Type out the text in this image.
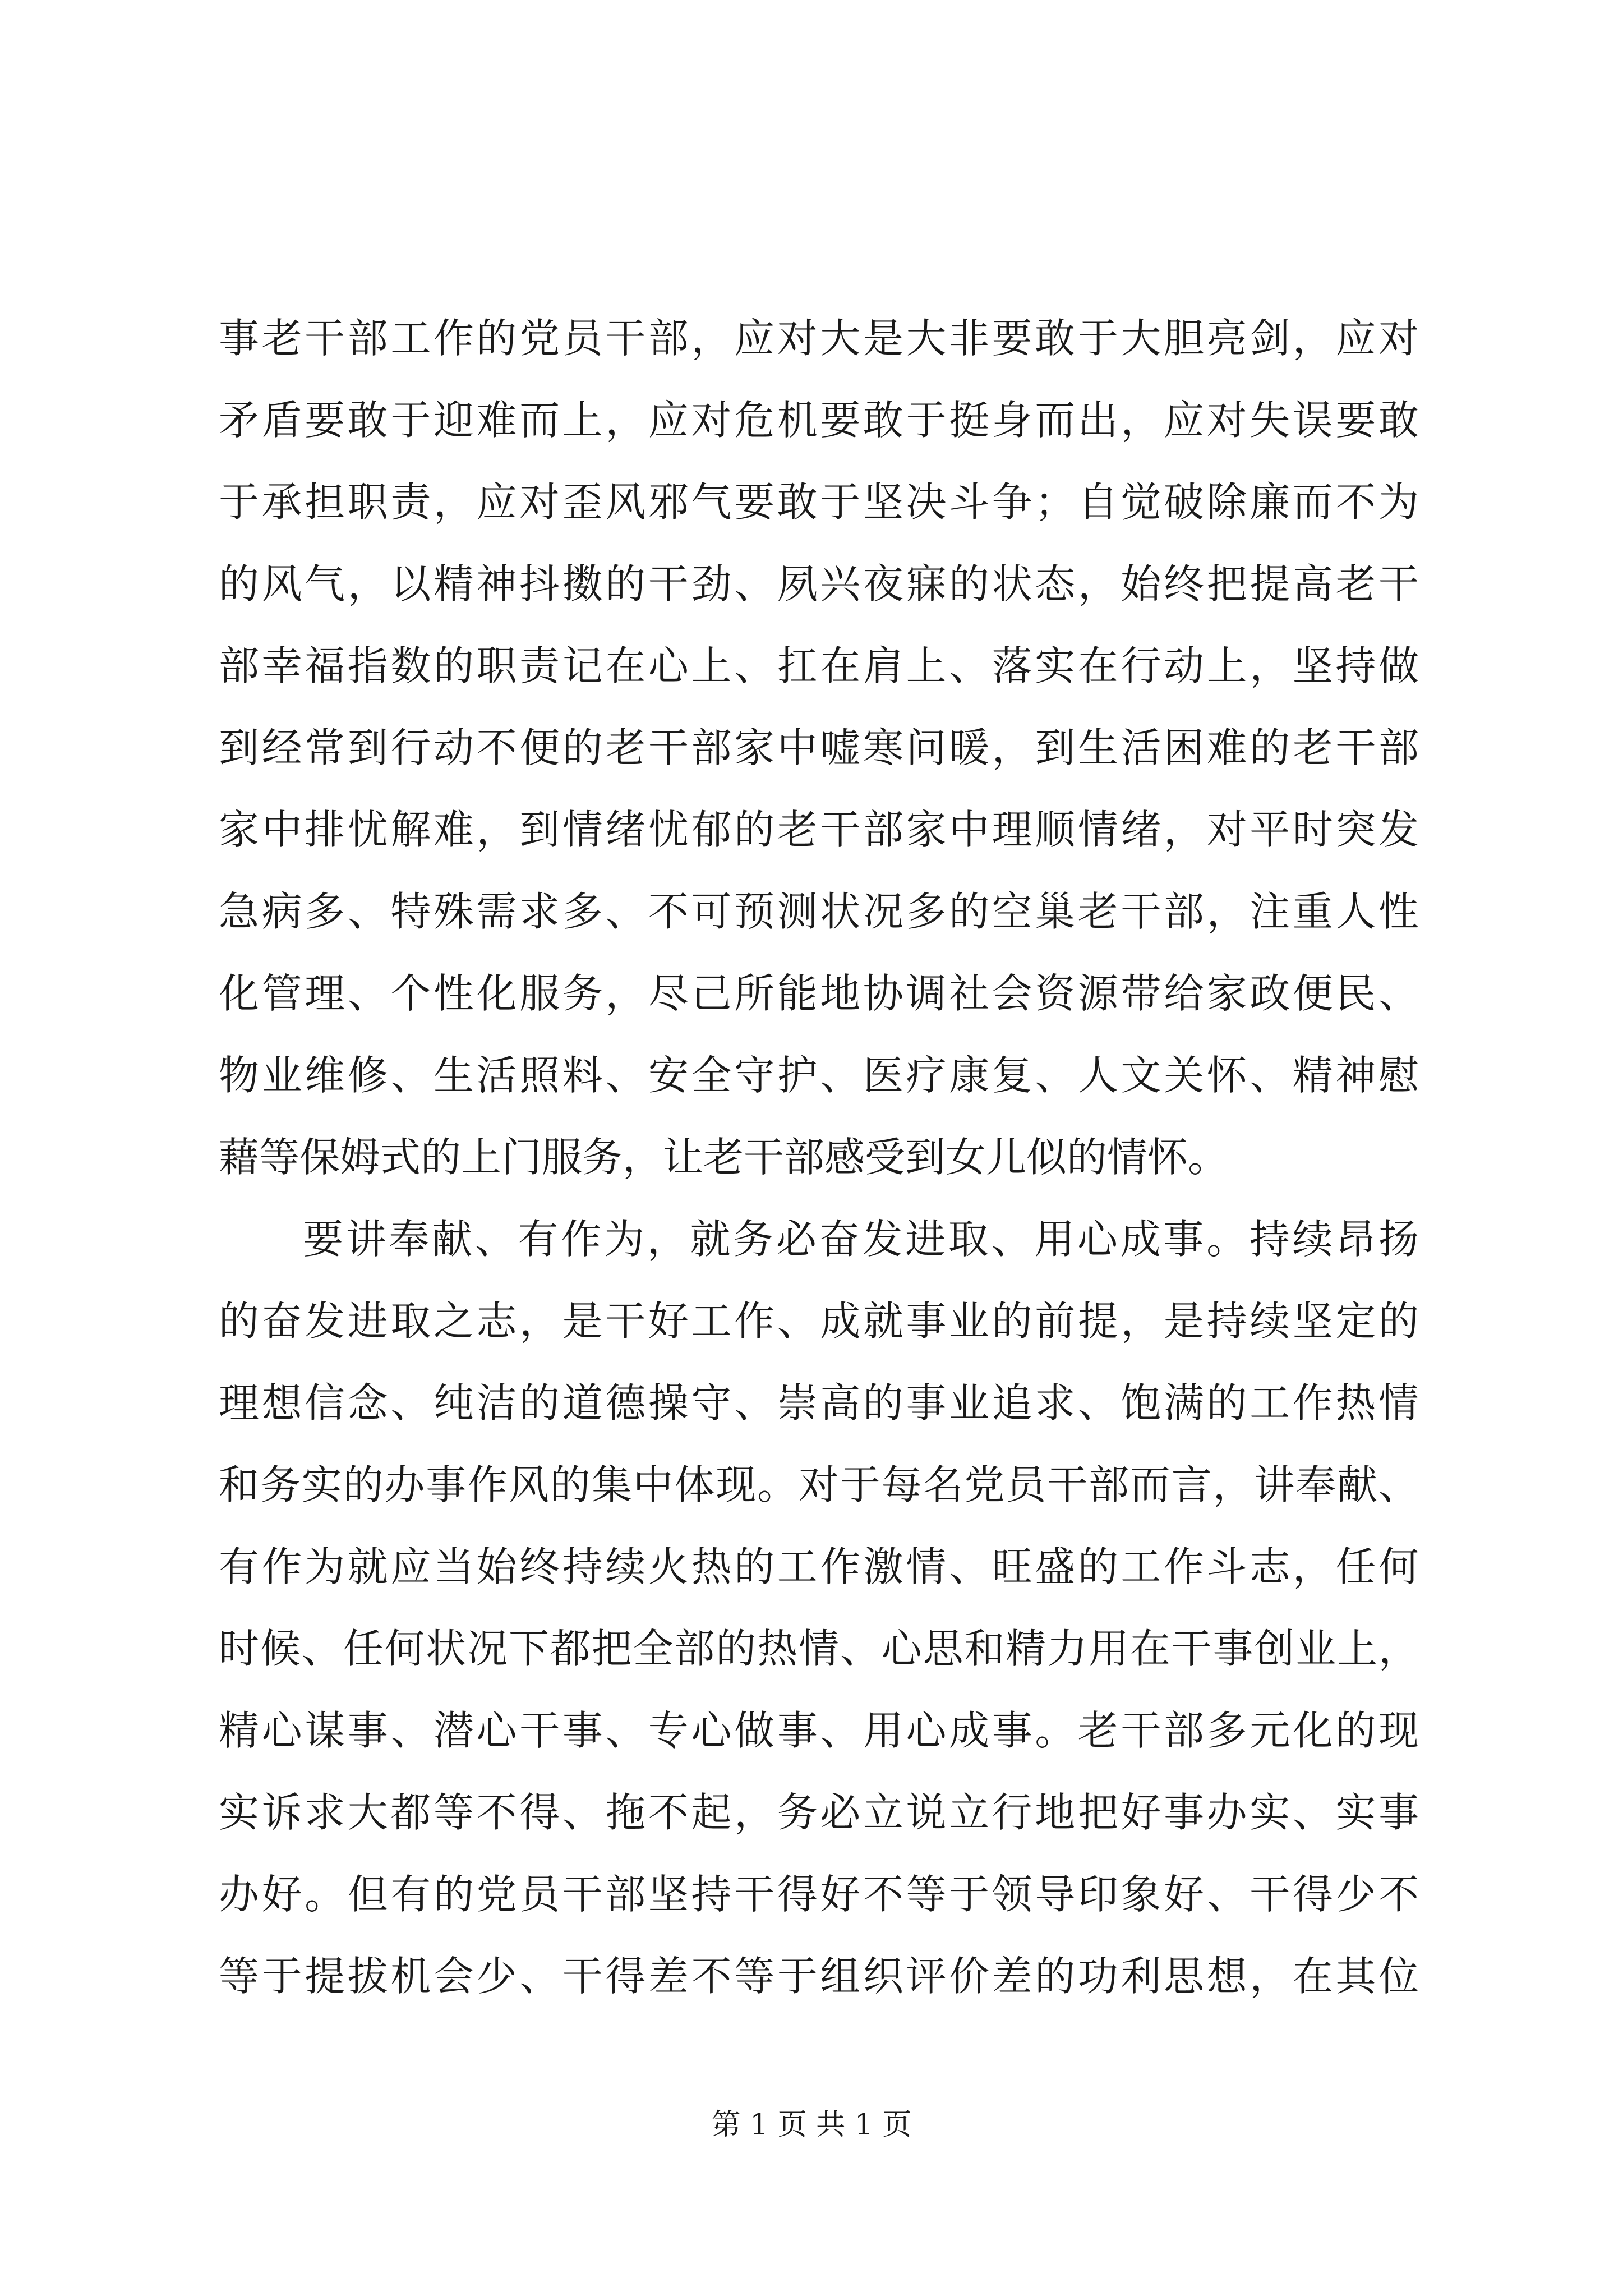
事老干部工作的党员干部，应对大是大非要敢于大胆亮剑，应对
矛盾要敢于迎难而上，应对危机要敢于挺身而出，应对失误要敢
于承担职责，应对歪风邪气要敢于坚决斗争；自觉破除廉而不为
的风气，以精神抖擞的干劲、夙兴夜寐的状态，始终把提高老干
部幸福指数的职责记在心上、扛在肩上、落实在行动上，坚持做
到经常到行动不便的老干部家中嘘寒问暖，到生活困难的老干部
家中排忧解难，到情绪忧郁的老干部家中理顺情绪，对平时突发
急病多、特殊需求多、不可预测状况多的空巢老干部，注重人性
化管理、个性化服务，尽己所能地协调社会资源带给家政便民、
物业维修、生活照料、安全守护、医疗康复、人文关怀、精神慰
藉等保姆式的上门服务，让老干部感受到女儿似的情怀。
要讲奉献、有作为，就务必奋发进取、用心成事。持续昂扬
的奋发进取之志，是干好工作、成就事业的前提，是持续坚定的
理想信念、纯洁的道德操守、崇高的事业追求、饱满的工作热情
和务实的办事作风的集中体现。对于每名党员干部而言，讲奉献、
有作为就应当始终持续火热的工作激情、旺盛的工作斗志，任何
时候、任何状况下都把全部的热情、心思和精力用在干事创业上，
精心谋事、潜心干事、专心做事、用心成事。老干部多元化的现
实诉求大都等不得、拖不起，务必立说立行地把好事办实、实事
办好。但有的党员干部坚持干得好不等于领导印象好、干得少不
等于提拔机会少、干得差不等于组织评价差的功利思想，在其位
第 1 页 共 1 页
